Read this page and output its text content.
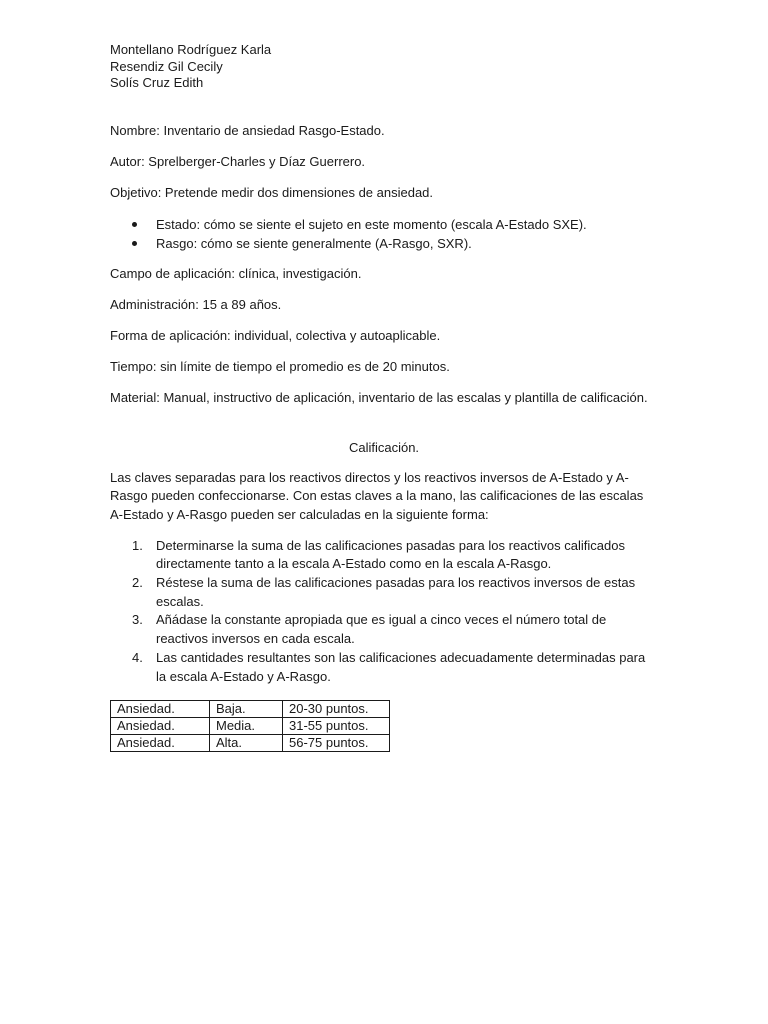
Montellano Rodríguez Karla

Resendiz Gil Cecily

Solís Cruz Edith

Nombre: Inventario de ansiedad Rasgo-Estado.

Autor: Sprelberger-Charles y Díaz Guerrero.

Objetivo: Pretende medir dos dimensiones de ansiedad.

Estado: cómo se siente el sujeto en este momento (escala A-Estado SXE).
Rasgo: cómo se siente generalmente (A-Rasgo, SXR).

Campo de aplicación: clínica, investigación.

Administración: 15 a 89 años.

Forma de aplicación: individual, colectiva y autoaplicable.

Tiempo: sin límite de tiempo el promedio es de 20 minutos.

Material: Manual, instructivo de aplicación, inventario de las escalas y plantilla de calificación.

Calificación.

Las claves separadas para los reactivos directos y los reactivos inversos de A-Estado y A-Rasgo pueden confeccionarse. Con estas claves a la mano, las calificaciones de las escalas A-Estado y A-Rasgo pueden ser calculadas en la siguiente forma:

1. Determinarse la suma de las calificaciones pasadas para los reactivos calificados directamente tanto a la escala A-Estado como en la escala A-Rasgo.
2. Réstese la suma de las calificaciones pasadas para los reactivos inversos de estas escalas.
3. Añádase la constante apropiada que es igual a cinco veces el número total de reactivos inversos en cada escala.
4. Las cantidades resultantes son las calificaciones adecuadamente determinadas para la escala A-Estado y A-Rasgo.
Ansiedad.	Baja.	20-30 puntos.
Ansiedad.	Media.	31-55 puntos.
Ansiedad.	Alta.	56-75 puntos.
